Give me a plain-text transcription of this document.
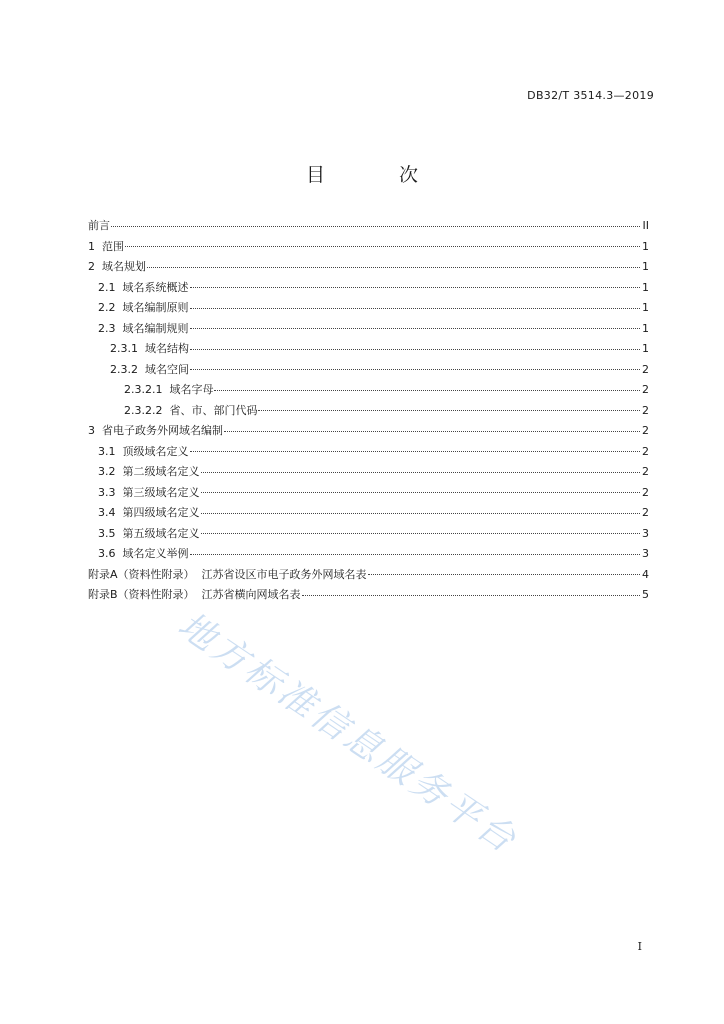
DB32/T 3514.3—2019
目 次
前言	II
1 范围	1
2 域名规划	1
2.1 域名系统概述	1
2.2 域名编制原则	1
2.3 域名编制规则	1
2.3.1 域名结构	1
2.3.2 域名空间	2
2.3.2.1 域名字母	2
2.3.2.2 省、市、部门代码	2
3 省电子政务外网域名编制	2
3.1 顶级域名定义	2
3.2 第二级域名定义	2
3.3 第三级域名定义	2
3.4 第四级域名定义	2
3.5 第五级域名定义	3
3.6 域名定义举例	3
附录A（资料性附录）  江苏省设区市电子政务外网域名表	4
附录B（资料性附录）  江苏省横向网域名表	5
地方标准信息服务平台
I
